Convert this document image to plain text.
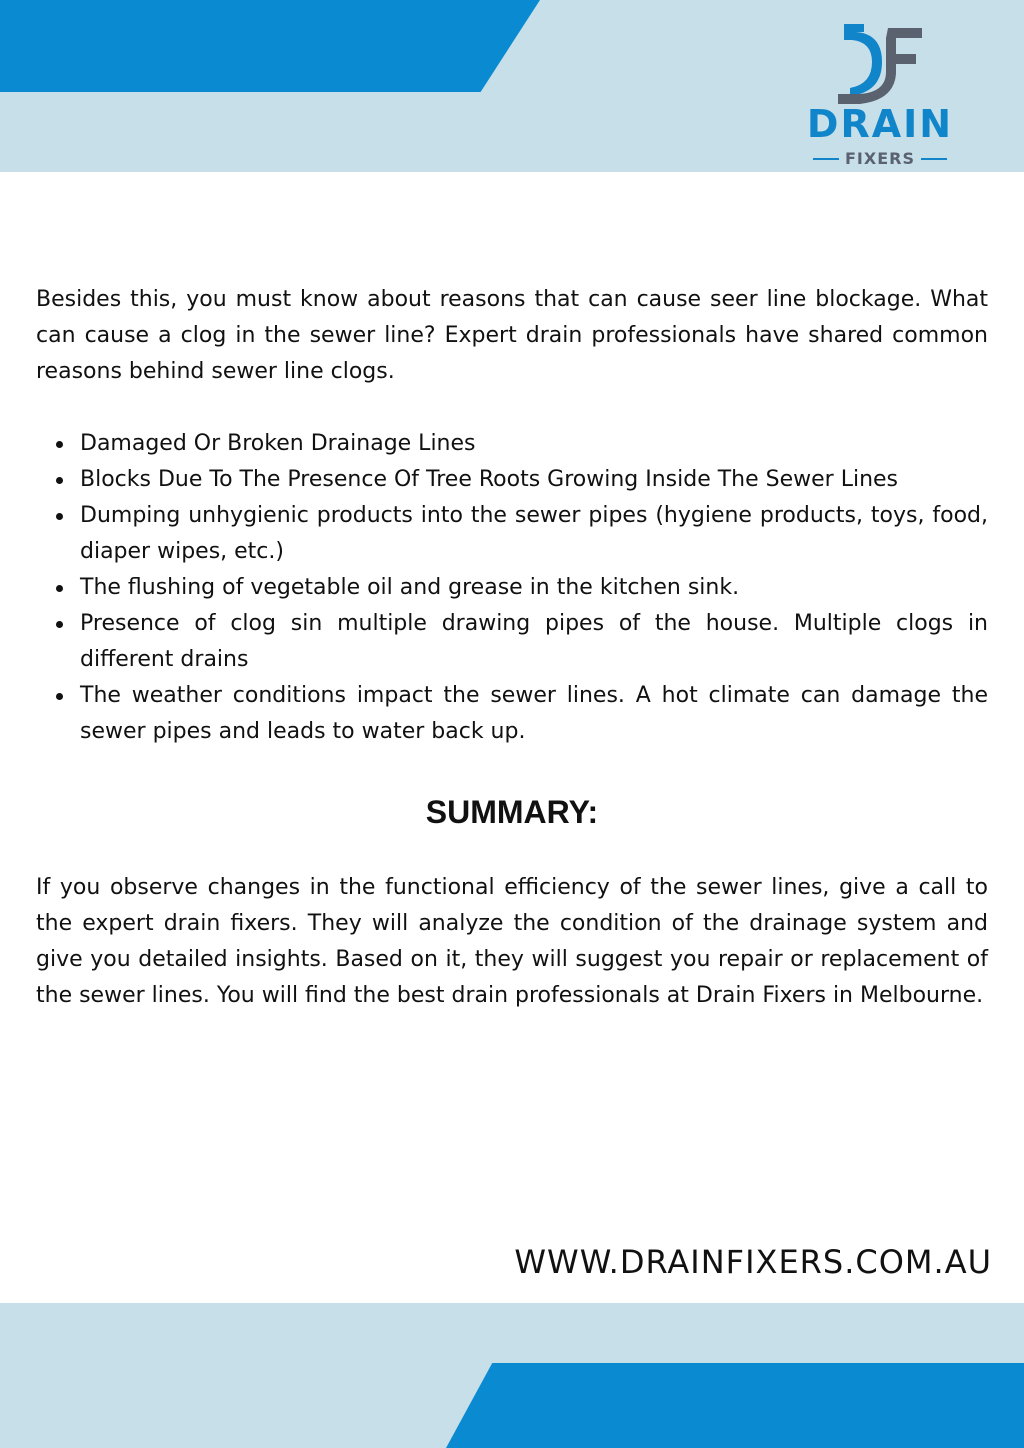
DRAIN
FIXERS

Besides this, you must know about reasons that can cause seer line blockage. What can cause a clog in the sewer line? Expert drain professionals have shared common reasons behind sewer line clogs.

Damaged Or Broken Drainage Lines
Blocks Due To The Presence Of Tree Roots Growing Inside The Sewer Lines
Dumping unhygienic products into the sewer pipes (hygiene products, toys, food, diaper wipes, etc.)
The flushing of vegetable oil and grease in the kitchen sink.
Presence of clog sin multiple drawing pipes of the house. Multiple clogs in different drains
The weather conditions impact the sewer lines. A hot climate can damage the sewer pipes and leads to water back up.
SUMMARY:

If you observe changes in the functional efficiency of the sewer lines, give a call to the expert drain fixers. They will analyze the condition of the drainage system and give you detailed insights. Based on it, they will suggest you repair or replacement of the sewer lines. You will find the best drain professionals at Drain Fixers in Melbourne.

WWW.DRAINFIXERS.COM.AU
